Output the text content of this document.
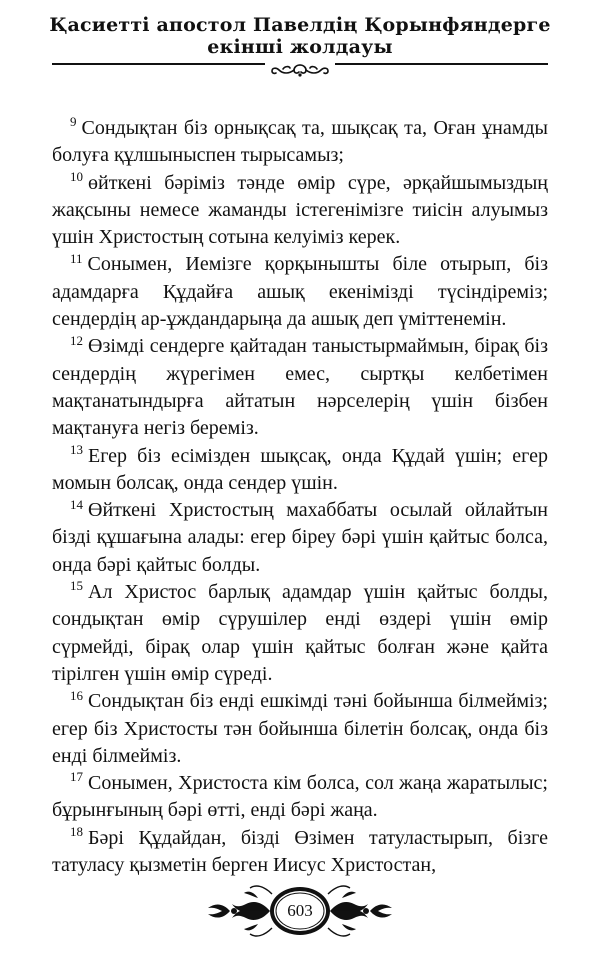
Қасиетті апостол Павелдің Қорынфяндерге
екінші жолдауы

$^9$ Сондықтан біз орнықсақ та, шықсақ та, Оған ұнамды болуға құлшыныспен тырысамыз;

$^{10}$ өйткені бәріміз тәнде өмір сүре, әрқайшымыздың жақсыны немесе жаманды істегенімізге тиісін алуымыз үшін Христостың сотына келуіміз керек.

$^{11}$ Сонымен, Иемізге қорқынышты біле отырып, біз адамдарға Құдайға ашық екенімізді түсіндіреміз; сендердің ар-ұждандарыңа да ашық деп үміттенемін.

$^{12}$ Өзімді сендерге қайтадан таныстырмаймын, бірақ біз сендердің жүрегімен емес, сыртқы келбетімен мақтанатындырға айтатын нәрселерің үшін бізбен мақтануға негіз береміз.

$^{13}$ Егер біз есімізден шықсақ, онда Құдай үшін; егер момын болсақ, онда сендер үшін.

$^{14}$ Өйткені Христостың махаббаты осылай ойлайтын бізді құшағына алады: егер біреу бәрі үшін қайтыс болса, онда бәрі қайтыс болды.

$^{15}$ Ал Христос барлық адамдар үшін қайтыс болды, сондықтан өмір сүрушілер енді өздері үшін өмір сүрмейді, бірақ олар үшін қайтыс болған және қайта тірілген үшін өмір сүреді.

$^{16}$ Сондықтан біз енді ешкімді тәні бойынша білмейміз; егер біз Христосты тән бойынша білетін болсақ, онда біз енді білмейміз.

$^{17}$ Сонымен, Христоста кім болса, сол жаңа жаратылыс; бұрынғының бәрі өтті, енді бәрі жаңа.

$^{18}$ Бәрі Құдайдан, бізді Өзімен татуластырып, бізге татуласу қызметін берген Иисус Христостан,

603
